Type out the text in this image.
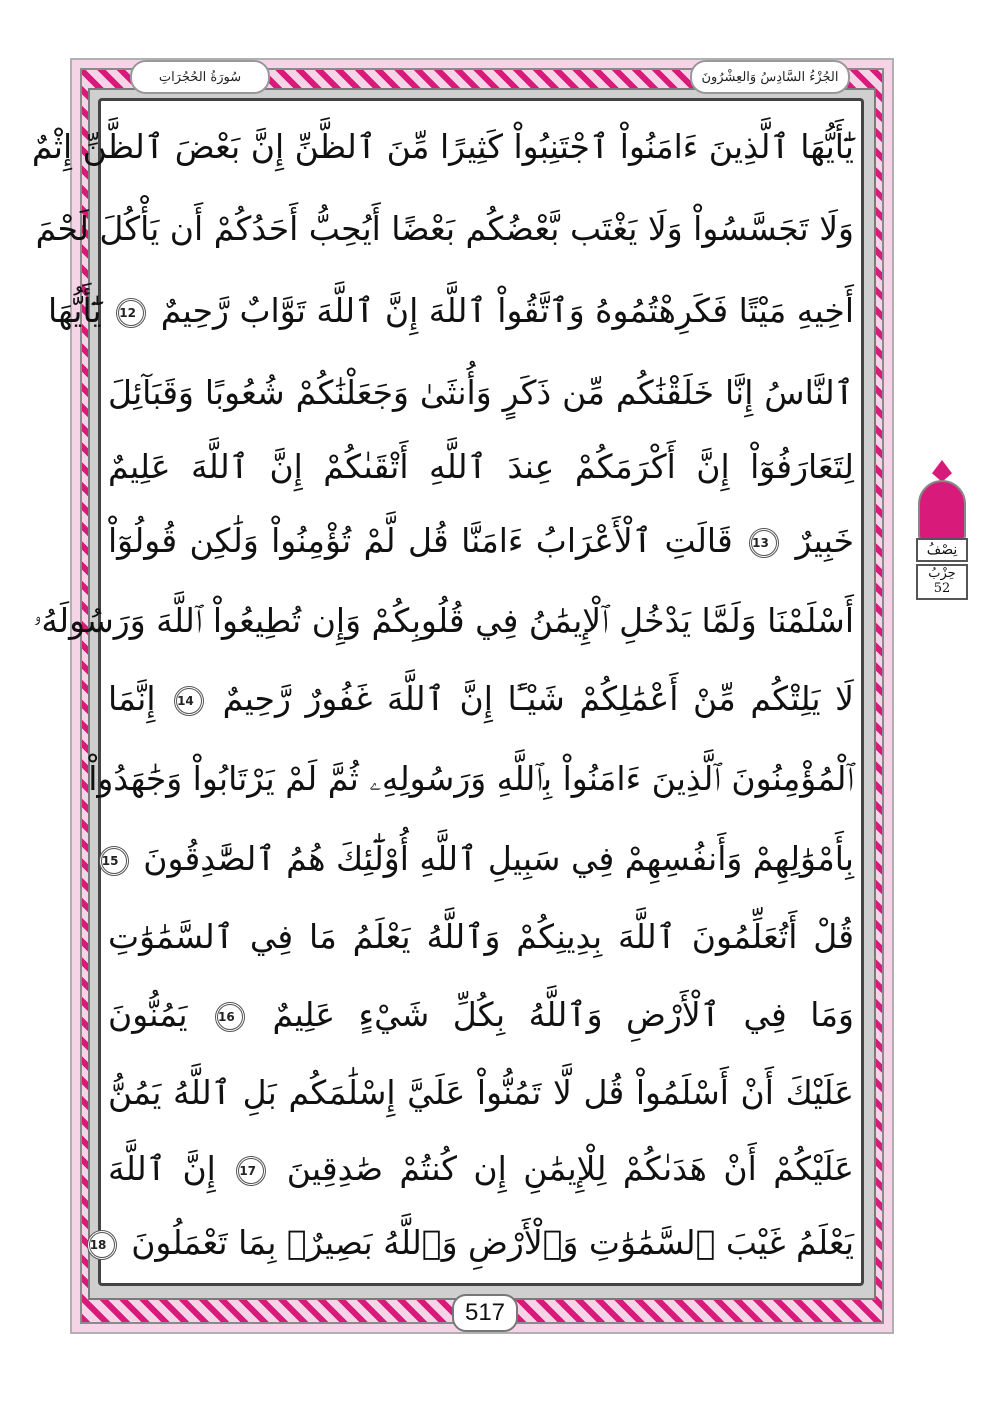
سُورَةُ الحُجُرَاتِ	الجُزْءُ السَّادِسُ وَالعِشْرُونَ
يَٰٓأَيُّهَا ٱلَّذِينَ ءَامَنُواْ ٱجْتَنِبُواْ كَثِيرًا مِّنَ ٱلظَّنِّ إِنَّ بَعْضَ ٱلظَّنِّ إِثْمٌ
وَلَا تَجَسَّسُواْ وَلَا يَغْتَب بَّعْضُكُم بَعْضًا أَيُحِبُّ أَحَدُكُمْ أَن يَأْكُلَ لَحْمَ
أَخِيهِ مَيْتًا فَكَرِهْتُمُوهُ وَٱتَّقُواْ ٱللَّهَ إِنَّ ٱللَّهَ تَوَّابٌ رَّحِيمٌ 12 يَٰٓأَيُّهَا
ٱلنَّاسُ إِنَّا خَلَقْنَٰكُم مِّن ذَكَرٍ وَأُنثَىٰ وَجَعَلْنَٰكُمْ شُعُوبًا وَقَبَآئِلَ
لِتَعَارَفُوٓاْ إِنَّ أَكْرَمَكُمْ عِندَ ٱللَّهِ أَتْقَىٰكُمْ إِنَّ ٱللَّهَ عَلِيمٌ
خَبِيرٌ 13 قَالَتِ ٱلْأَعْرَابُ ءَامَنَّا قُل لَّمْ تُؤْمِنُواْ وَلَٰكِن قُولُوٓاْ
أَسْلَمْنَا وَلَمَّا يَدْخُلِ ٱلْإِيمَٰنُ فِي قُلُوبِكُمْ وَإِن تُطِيعُواْ ٱللَّهَ وَرَسُولَهُۥ
لَا يَلِتْكُم مِّنْ أَعْمَٰلِكُمْ شَيْـًٔا إِنَّ ٱللَّهَ غَفُورٌ رَّحِيمٌ 14 إِنَّمَا
ٱلْمُؤْمِنُونَ ٱلَّذِينَ ءَامَنُواْ بِٱللَّهِ وَرَسُولِهِۦ ثُمَّ لَمْ يَرْتَابُواْ وَجَٰهَدُواْ
بِأَمْوَٰلِهِمْ وَأَنفُسِهِمْ فِي سَبِيلِ ٱللَّهِ أُوْلَٰٓئِكَ هُمُ ٱلصَّٰدِقُونَ 15
قُلْ أَتُعَلِّمُونَ ٱللَّهَ بِدِينِكُمْ وَٱللَّهُ يَعْلَمُ مَا فِي ٱلسَّمَٰوَٰتِ
وَمَا فِي ٱلْأَرْضِ وَٱللَّهُ بِكُلِّ شَيْءٍ عَلِيمٌ 16 يَمُنُّونَ
عَلَيْكَ أَنْ أَسْلَمُواْ قُل لَّا تَمُنُّواْ عَلَيَّ إِسْلَٰمَكُم بَلِ ٱللَّهُ يَمُنُّ
عَلَيْكُمْ أَنْ هَدَىٰكُمْ لِلْإِيمَٰنِ إِن كُنتُمْ صَٰدِقِينَ 17 إِنَّ ٱللَّهَ
يَعْلَمُ غَيْبَ ٱلسَّمَٰوَٰتِ وَٱلْأَرْضِ وَٱللَّهُ بَصِيرٌۢ بِمَا تَعْمَلُونَ 18
517
نِصْفُ
حِزْبُ
52
